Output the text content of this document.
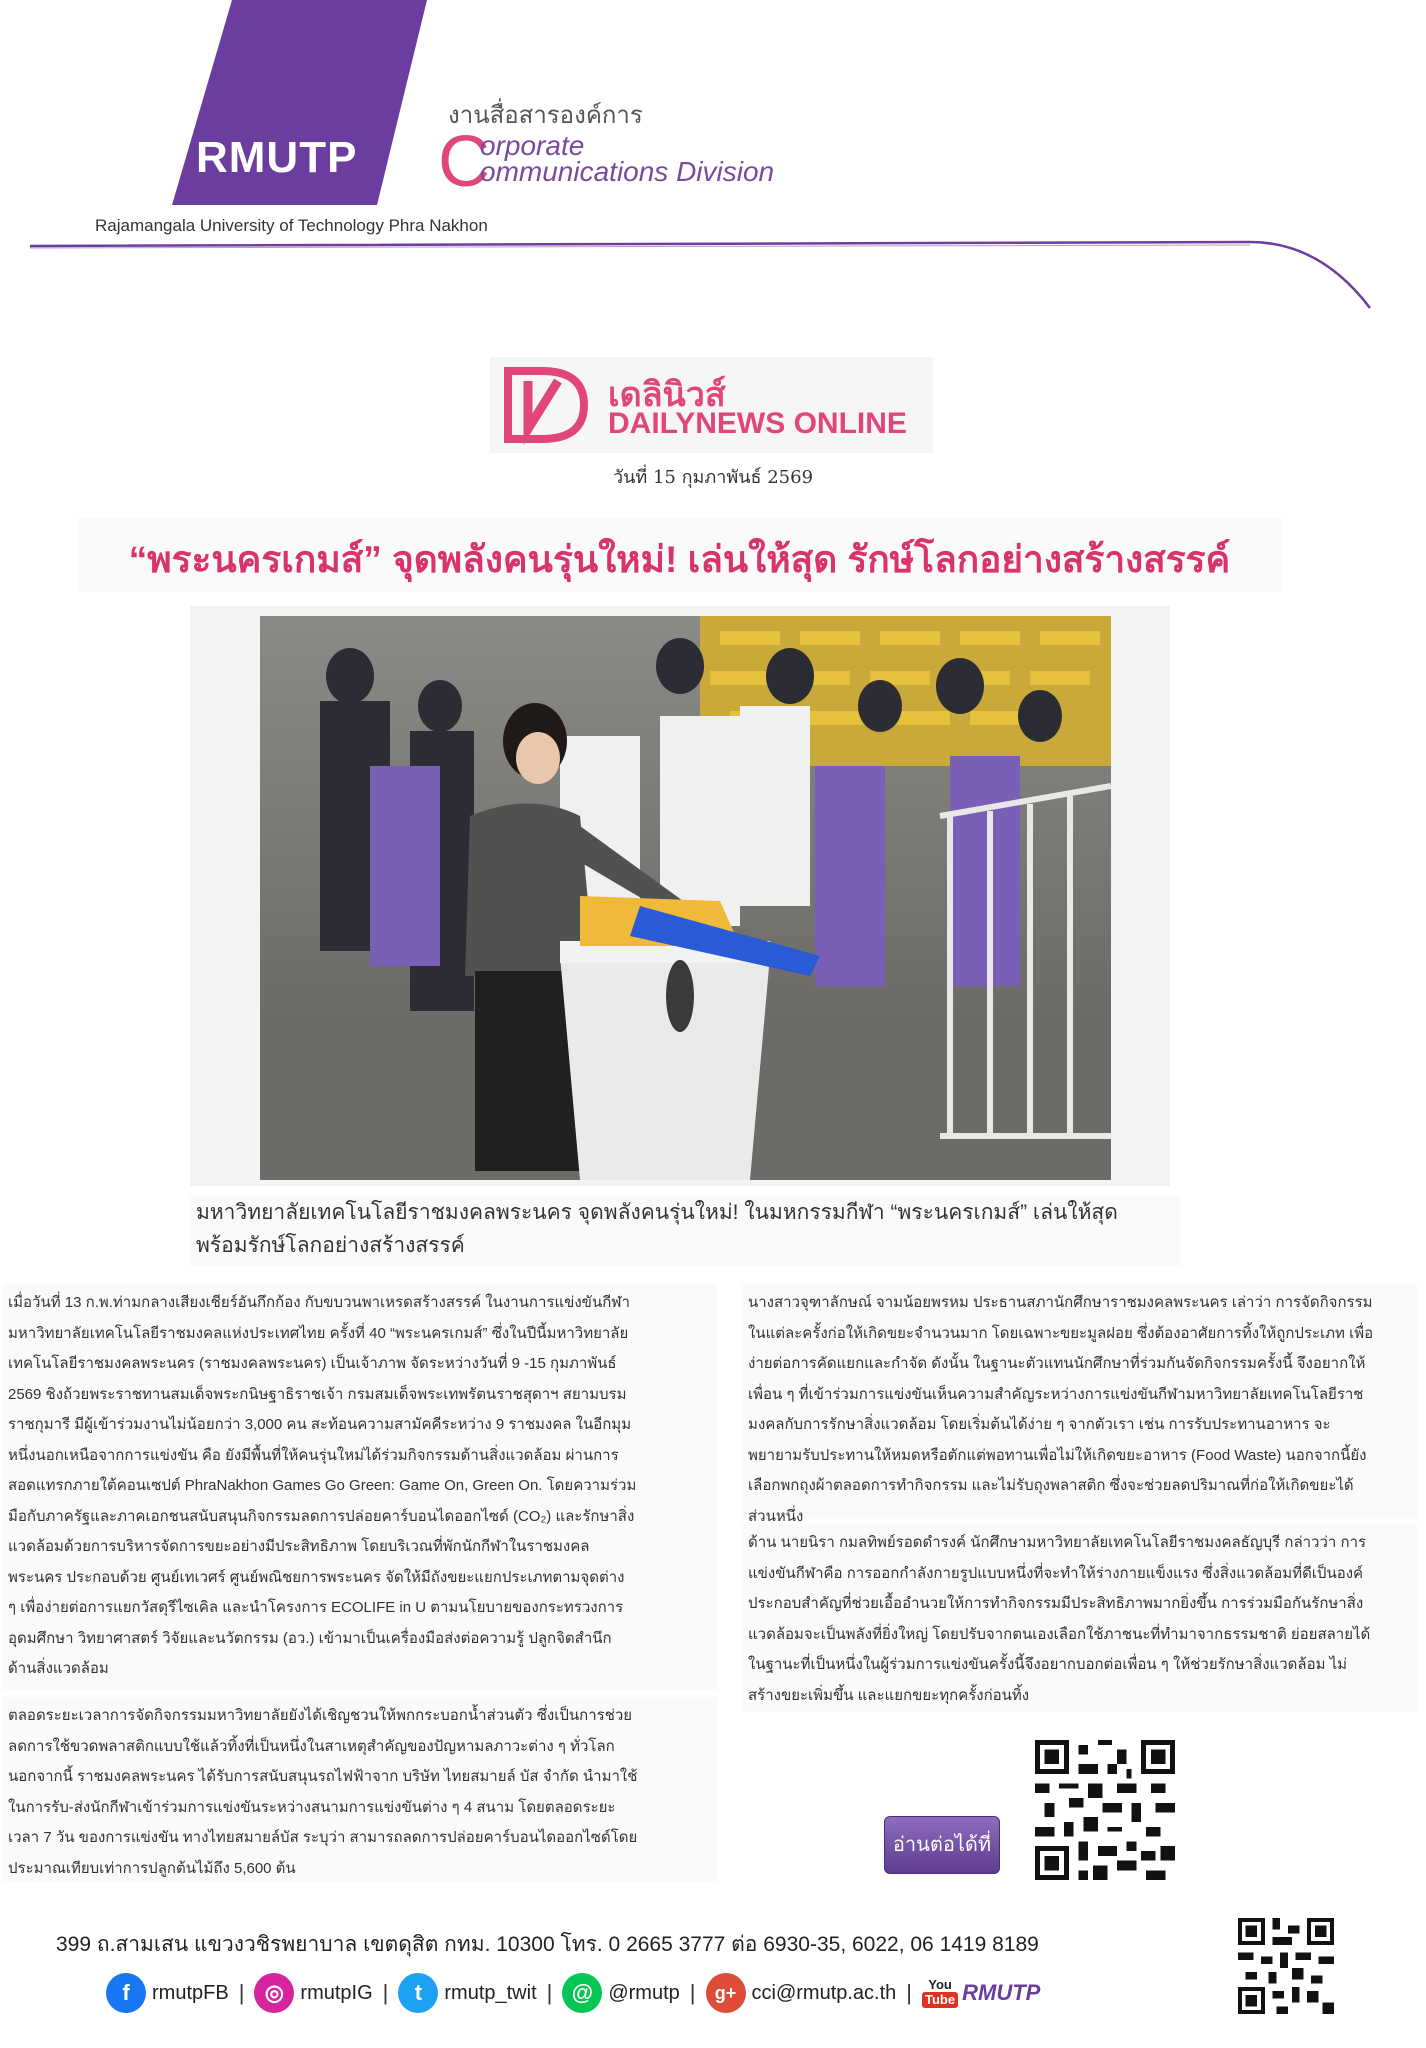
RMUTP
Rajamangala University of Technology Phra Nakhon
งานสื่อสารองค์การ
C
orporate
ommunications Division
เดลินิวส์
DAILYNEWS ONLINE
วันที่ 15 กุมภาพันธ์ 2569
“พระนครเกมส์” จุดพลังคนรุ่นใหม่! เล่นให้สุด รักษ์โลกอย่างสร้างสรรค์

มหาวิทยาลัยเทคโนโลยีราชมงคลพระนคร จุดพลังคนรุ่นใหม่! ในมหกรรมกีฬา “พระนครเกมส์” เล่นให้สุด

พร้อมรักษ์โลกอย่างสร้างสรรค์

เมื่อวันที่ 13 ก.พ.ท่ามกลางเสียงเชียร์อันกึกก้อง กับขบวนพาเหรดสร้างสรรค์ ในงานการแข่งขันกีฬา
มหาวิทยาลัยเทคโนโลยีราชมงคลแห่งประเทศไทย ครั้งที่ 40 “พระนครเกมส์” ซึ่งในปีนี้มหาวิทยาลัย
เทคโนโลยีราชมงคลพระนคร (ราชมงคลพระนคร) เป็นเจ้าภาพ จัดระหว่างวันที่ 9 -15 กุมภาพันธ์
2569 ชิงถ้วยพระราชทานสมเด็จพระกนิษฐาธิราชเจ้า กรมสมเด็จพระเทพรัตนราชสุดาฯ สยามบรม
ราชกุมารี มีผู้เข้าร่วมงานไม่น้อยกว่า 3,000 คน สะท้อนความสามัคคีระหว่าง 9 ราชมงคล ในอีกมุม
หนึ่งนอกเหนือจากการแข่งขัน คือ ยังมีพื้นที่ให้คนรุ่นใหม่ได้ร่วมกิจกรรมด้านสิ่งแวดล้อม ผ่านการ
สอดแทรกภายใต้คอนเซปต์ PhraNakhon Games Go Green: Game On, Green On. โดยความร่วม
มือกับภาครัฐและภาคเอกชนสนับสนุนกิจกรรมลดการปล่อยคาร์บอนไดออกไซด์ (CO₂) และรักษาสิ่ง
แวดล้อมด้วยการบริหารจัดการขยะอย่างมีประสิทธิภาพ โดยบริเวณที่พักนักกีฬาในราชมงคล
พระนคร ประกอบด้วย ศูนย์เทเวศร์ ศูนย์พณิชยการพระนคร จัดให้มีถังขยะแยกประเภทตามจุดต่าง
ๆ เพื่อง่ายต่อการแยกวัสดุรีไซเคิล และนำโครงการ ECOLIFE in U ตามนโยบายของกระทรวงการ
อุดมศึกษา วิทยาศาสตร์ วิจัยและนวัตกรรม (อว.) เข้ามาเป็นเครื่องมือส่งต่อความรู้ ปลูกจิตสำนึก
ด้านสิ่งแวดล้อม
ตลอดระยะเวลาการจัดกิจกรรมมหาวิทยาลัยยังได้เชิญชวนให้พกกระบอกน้ำส่วนตัว ซึ่งเป็นการช่วย
ลดการใช้ขวดพลาสติกแบบใช้แล้วทิ้งที่เป็นหนึ่งในสาเหตุสำคัญของปัญหามลภาวะต่าง ๆ ทั่วโลก
นอกจากนี้ ราชมงคลพระนคร ได้รับการสนับสนุนรถไฟฟ้าจาก บริษัท ไทยสมายล์ บัส จำกัด นำมาใช้
ในการรับ-ส่งนักกีฬาเข้าร่วมการแข่งขันระหว่างสนามการแข่งขันต่าง ๆ 4 สนาม โดยตลอดระยะ
เวลา 7 วัน ของการแข่งขัน ทางไทยสมายล์บัส ระบุว่า สามารถลดการปล่อยคาร์บอนไดออกไซด์โดย
ประมาณเทียบเท่าการปลูกต้นไม้ถึง 5,600 ต้น
นางสาวจุฑาลักษณ์ จามน้อยพรหม ประธานสภานักศึกษาราชมงคลพระนคร เล่าว่า การจัดกิจกรรม
ในแต่ละครั้งก่อให้เกิดขยะจำนวนมาก โดยเฉพาะขยะมูลฝอย ซึ่งต้องอาศัยการทิ้งให้ถูกประเภท เพื่อ
ง่ายต่อการคัดแยกและกำจัด ดังนั้น ในฐานะตัวแทนนักศึกษาที่ร่วมกันจัดกิจกรรมครั้งนี้ จึงอยากให้
เพื่อน ๆ ที่เข้าร่วมการแข่งขันเห็นความสำคัญระหว่างการแข่งขันกีฬามหาวิทยาลัยเทคโนโลยีราช
มงคลกับการรักษาสิ่งแวดล้อม โดยเริ่มต้นได้ง่าย ๆ จากตัวเรา เช่น การรับประทานอาหาร จะ
พยายามรับประทานให้หมดหรือตักแต่พอทานเพื่อไม่ให้เกิดขยะอาหาร (Food Waste) นอกจากนี้ยัง
เลือกพกถุงผ้าตลอดการทำกิจกรรม และไม่รับถุงพลาสติก ซึ่งจะช่วยลดปริมาณที่ก่อให้เกิดขยะได้
ส่วนหนึ่ง
ด้าน นายนิรา กมลทิพย์รอดดำรงค์ นักศึกษามหาวิทยาลัยเทคโนโลยีราชมงคลธัญบุรี กล่าวว่า การ
แข่งขันกีฬาคือ การออกกำลังกายรูปแบบหนึ่งที่จะทำให้ร่างกายแข็งแรง ซึ่งสิ่งแวดล้อมที่ดีเป็นองค์
ประกอบสำคัญที่ช่วยเอื้ออำนวยให้การทำกิจกรรมมีประสิทธิภาพมากยิ่งขึ้น การร่วมมือกันรักษาสิ่ง
แวดล้อมจะเป็นพลังที่ยิ่งใหญ่ โดยปรับจากตนเองเลือกใช้ภาชนะที่ทำมาจากธรรมชาติ ย่อยสลายได้
ในฐานะที่เป็นหนึ่งในผู้ร่วมการแข่งขันครั้งนี้จึงอยากบอกต่อเพื่อน ๆ ให้ช่วยรักษาสิ่งแวดล้อม ไม่
สร้างขยะเพิ่มขึ้น และแยกขยะทุกครั้งก่อนทิ้ง
อ่านต่อได้ที่
399 ถ.สามเสน แขวงวชิรพยาบาล เขตดุสิต กทม. 10300 โทร. 0 2665 3777 ต่อ 6930-35, 6022, 06 1419 8189
f	rmutpFB | ◎ rmutpIG |	t	rmutp_twit | @ @rmutp |	g+ cci@rmutp.ac.th | You
Tube RMUTP
